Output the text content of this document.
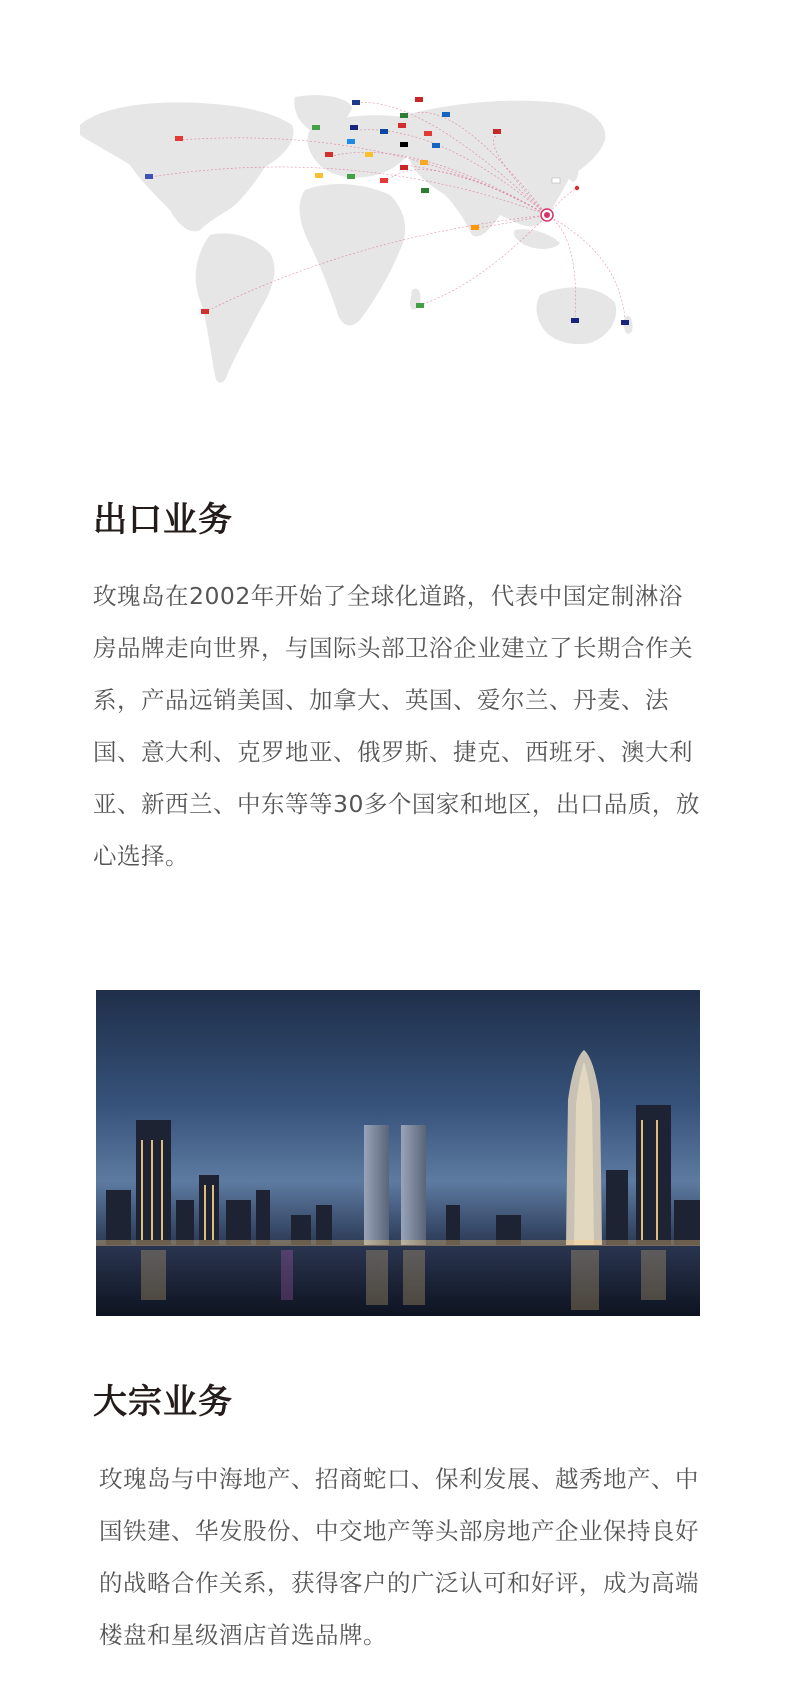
出口业务

玫瑰岛在2002年开始了全球化道路，代表中国定制淋浴房品牌走向世界，与国际头部卫浴企业建立了长期合作关系，产品远销美国、加拿大、英国、爱尔兰、丹麦、法国、意大利、克罗地亚、俄罗斯、捷克、西班牙、澳大利亚、新西兰、中东等等30多个国家和地区，出口品质，放心选择。

大宗业务

玫瑰岛与中海地产、招商蛇口、保利发展、越秀地产、中国铁建、华发股份、中交地产等头部房地产企业保持良好的战略合作关系，获得客户的广泛认可和好评，成为高端楼盘和星级酒店首选品牌。
